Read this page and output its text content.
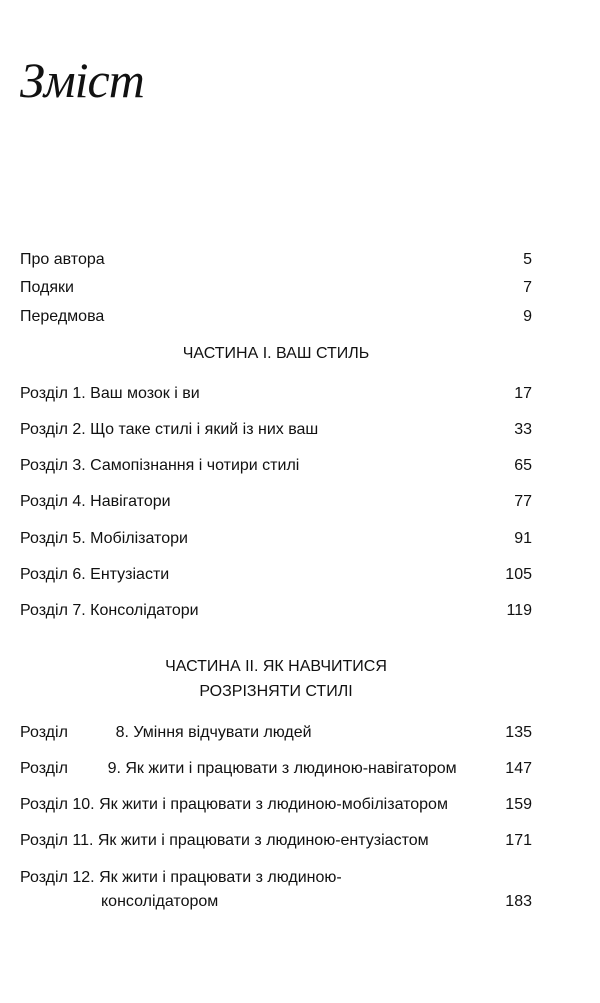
Зміст
Про автора	5
Подяки	7
Передмова	9
ЧАСТИНА І. ВАШ СТИЛЬ
Розділ 1. Ваш мозок і ви	17
Розділ 2. Що таке стилі і який із них ваш	33
Розділ 3. Самопізнання і чотири стилі	65
Розділ 4. Навігатори	77
Розділ 5. Мобілізатори	91
Розділ 6. Ентузіасти	105
Розділ 7. Консолідатори	119
ЧАСТИНА ІІ. ЯК НАВЧИТИСЯ
РОЗРІЗНЯТИ СТИЛІ
Розділ	8. Уміння відчувати людей	135
Розділ 9. Як жити і працювати з людиною-навігатором	147
Розділ 10. Як жити і працювати з людиною-мобілізатором	159
Розділ 11. Як жити і працювати з людиною-ентузіастом	171
Розділ 12. Як жити і працювати з людиною-
консолідатором	183
